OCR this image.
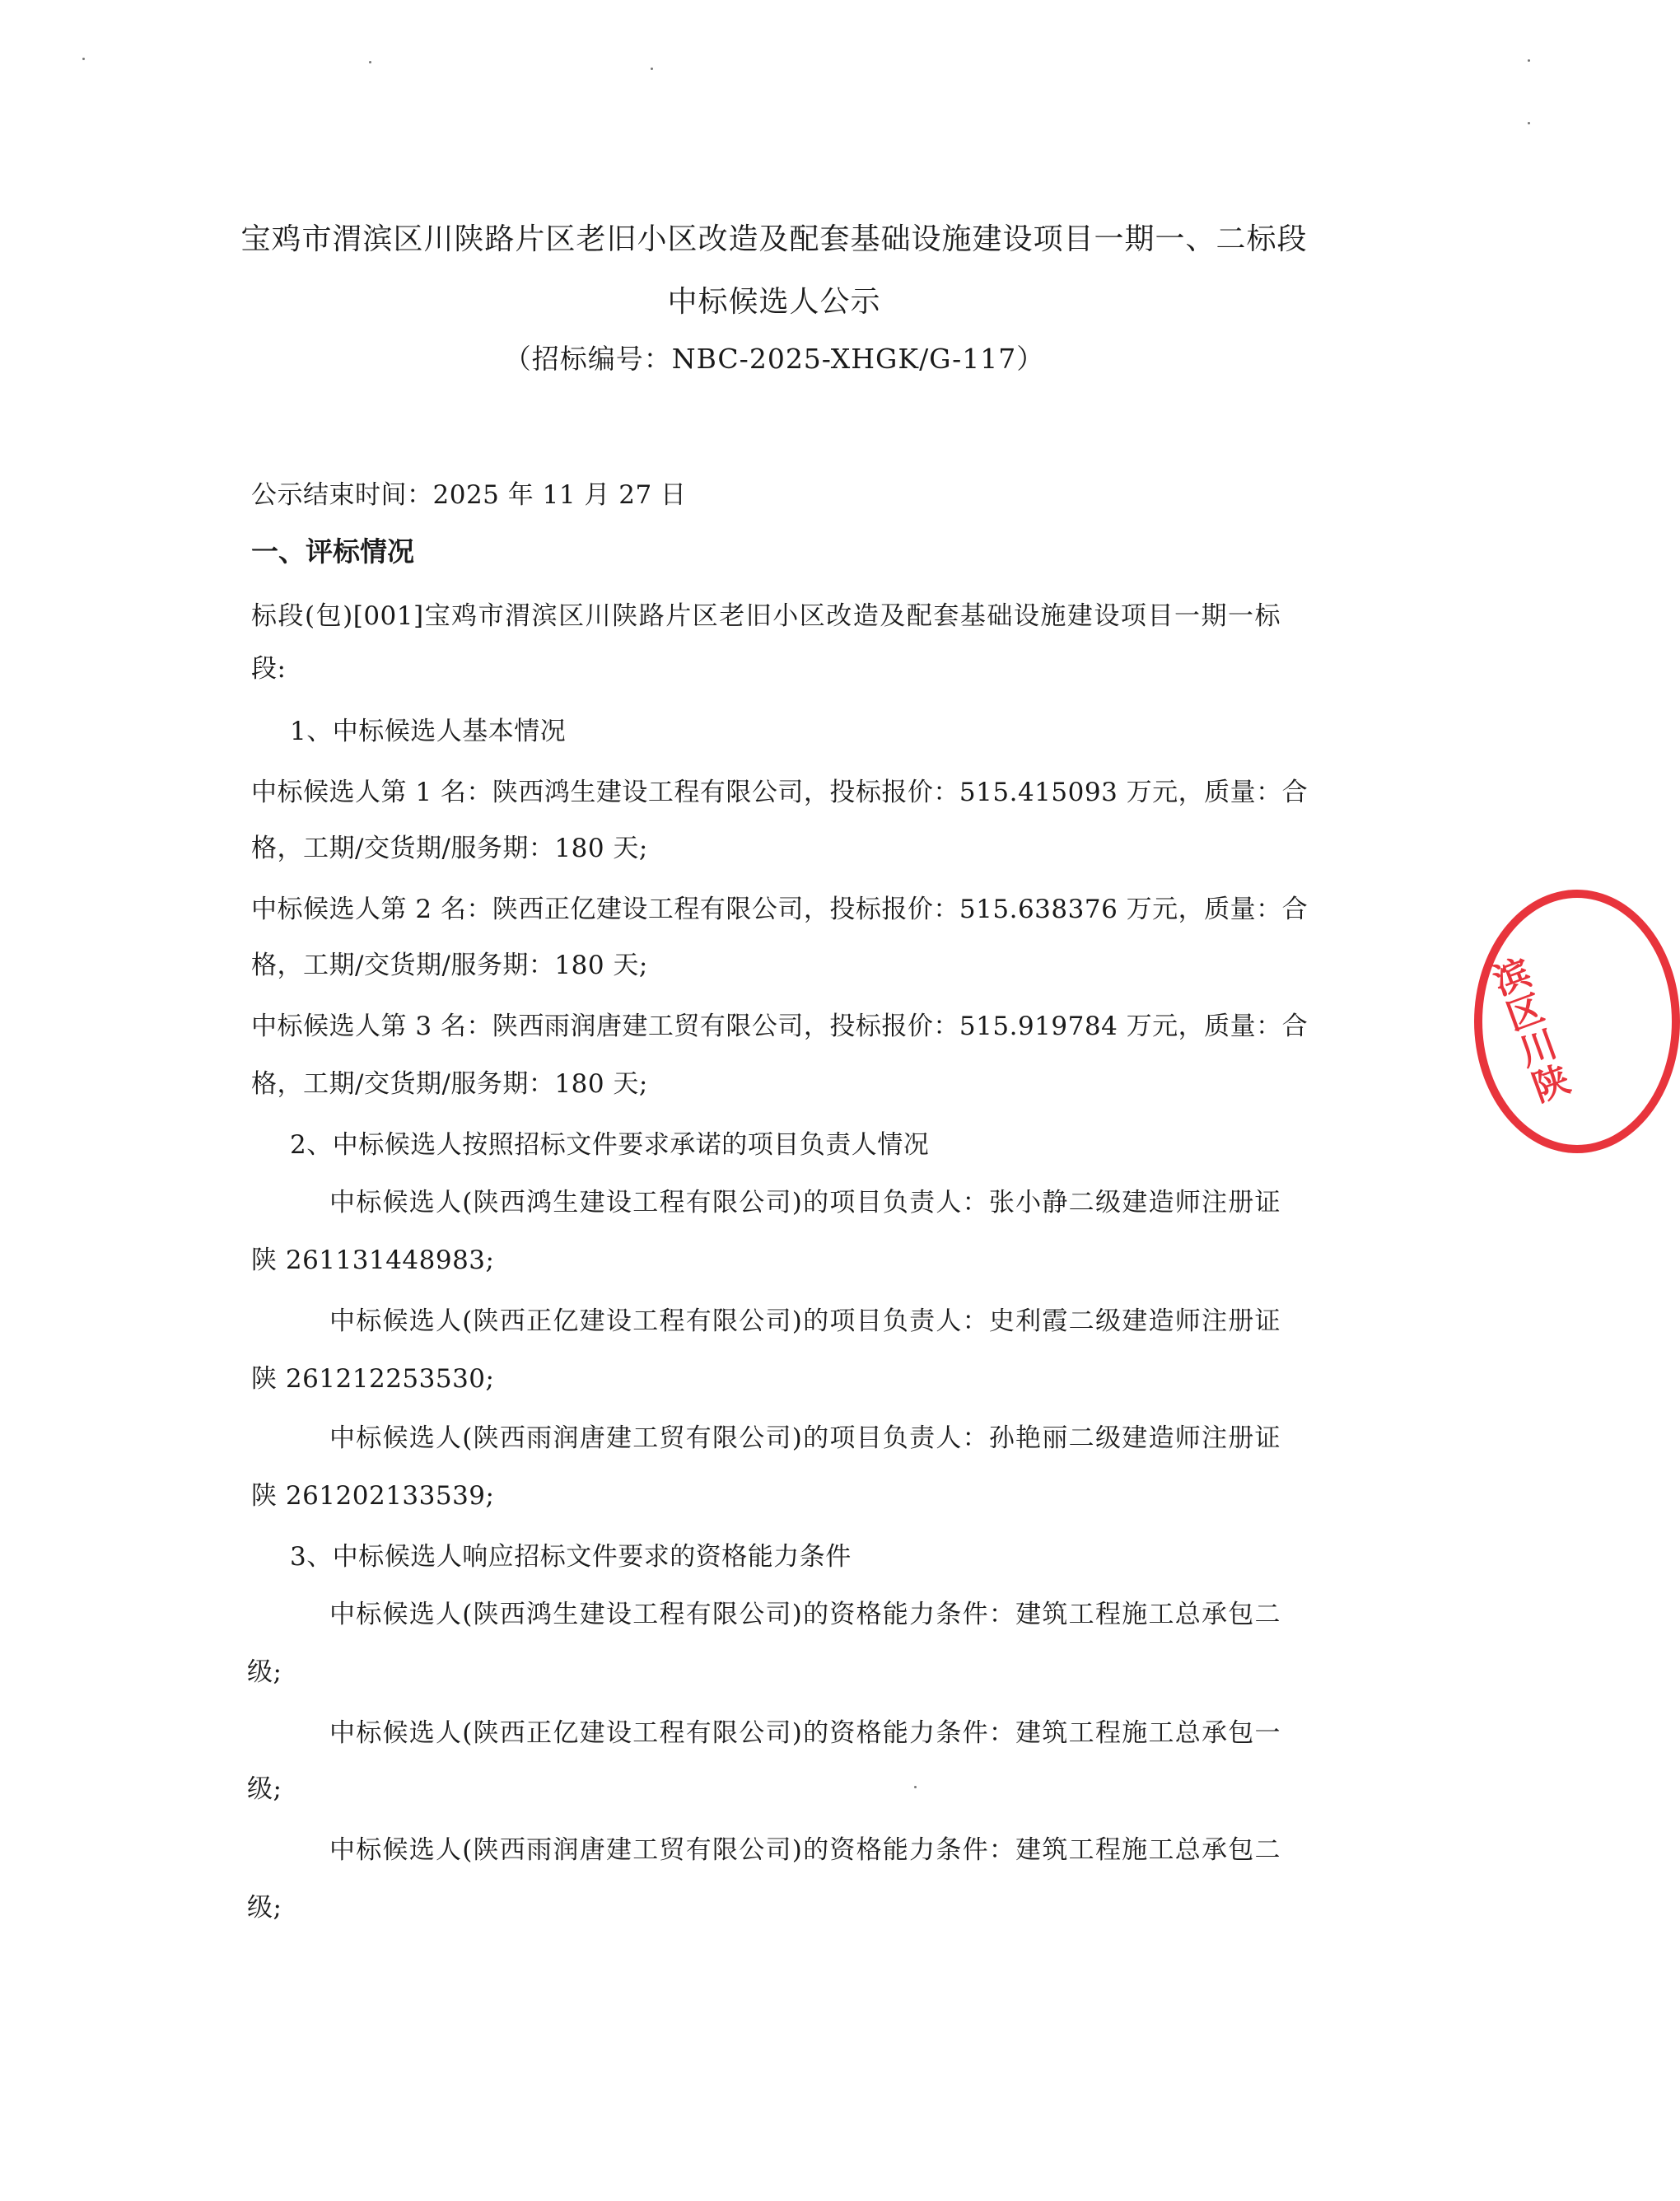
宝鸡市渭滨区川陕路片区老旧小区改造及配套基础设施建设项目一期一、二标段
中标候选人公示
（招标编号：NBC-2025-XHGK/G-117）
公示结束时间：2025 年 11 月 27 日
一、评标情况
标段(包)[001]宝鸡市渭滨区川陕路片区老旧小区改造及配套基础设施建设项目一期一标
段:
1、中标候选人基本情况
中标候选人第 1 名：陕西鸿生建设工程有限公司，投标报价：515.415093 万元，质量：合
格，工期/交货期/服务期：180 天;
中标候选人第 2 名：陕西正亿建设工程有限公司，投标报价：515.638376 万元，质量：合
格，工期/交货期/服务期：180 天;
中标候选人第 3 名：陕西雨润唐建工贸有限公司，投标报价：515.919784 万元，质量：合
格，工期/交货期/服务期：180 天;
2、中标候选人按照招标文件要求承诺的项目负责人情况
中标候选人(陕西鸿生建设工程有限公司)的项目负责人：张小静二级建造师注册证
陕 261131448983;
中标候选人(陕西正亿建设工程有限公司)的项目负责人：史利霞二级建造师注册证
陕 261212253530;
中标候选人(陕西雨润唐建工贸有限公司)的项目负责人：孙艳丽二级建造师注册证
陕 261202133539;
3、中标候选人响应招标文件要求的资格能力条件
中标候选人(陕西鸿生建设工程有限公司)的资格能力条件：建筑工程施工总承包二
级;
中标候选人(陕西正亿建设工程有限公司)的资格能力条件：建筑工程施工总承包一
级;
中标候选人(陕西雨润唐建工贸有限公司)的资格能力条件：建筑工程施工总承包二
级;
滨区川陕
